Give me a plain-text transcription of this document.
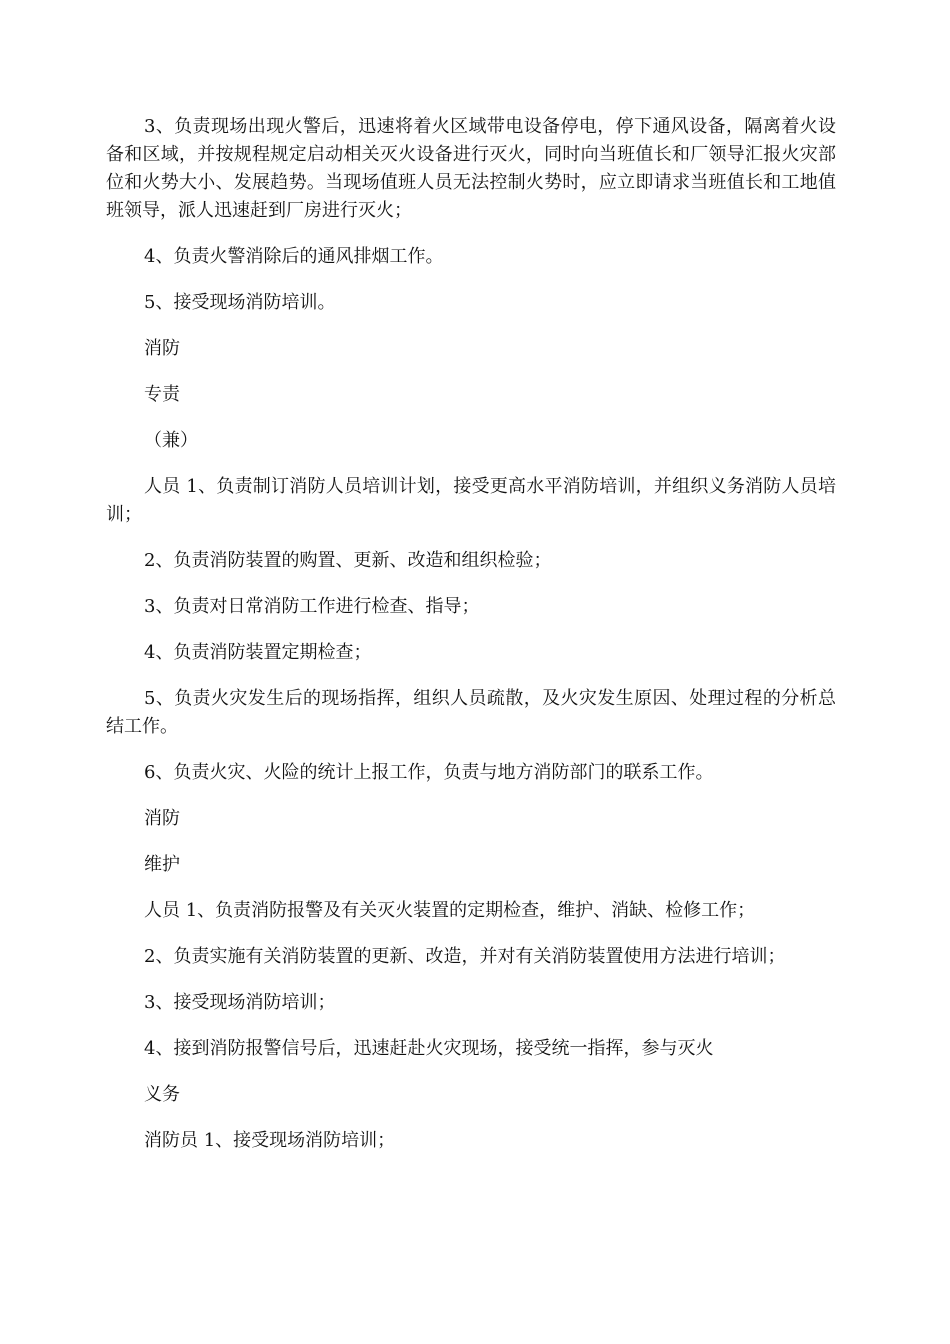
3、负责现场出现火警后，迅速将着火区域带电设备停电，停下通风设备，隔离着火设备和区域，并按规程规定启动相关灭火设备进行灭火，同时向当班值长和厂领导汇报火灾部位和火势大小、发展趋势。当现场值班人员无法控制火势时，应立即请求当班值长和工地值班领导，派人迅速赶到厂房进行灭火；

4、负责火警消除后的通风排烟工作。

5、接受现场消防培训。

消防

专责

（兼）

人员 1、负责制订消防人员培训计划，接受更高水平消防培训，并组织义务消防人员培训；

2、负责消防装置的购置、更新、改造和组织检验；

3、负责对日常消防工作进行检查、指导；

4、负责消防装置定期检查；

5、负责火灾发生后的现场指挥，组织人员疏散，及火灾发生原因、处理过程的分析总结工作。

6、负责火灾、火险的统计上报工作，负责与地方消防部门的联系工作。

消防

维护

人员 1、负责消防报警及有关灭火装置的定期检查，维护、消缺、检修工作；

2、负责实施有关消防装置的更新、改造，并对有关消防装置使用方法进行培训；

3、接受现场消防培训；

4、接到消防报警信号后，迅速赶赴火灾现场，接受统一指挥，参与灭火

义务

消防员 1、接受现场消防培训；
